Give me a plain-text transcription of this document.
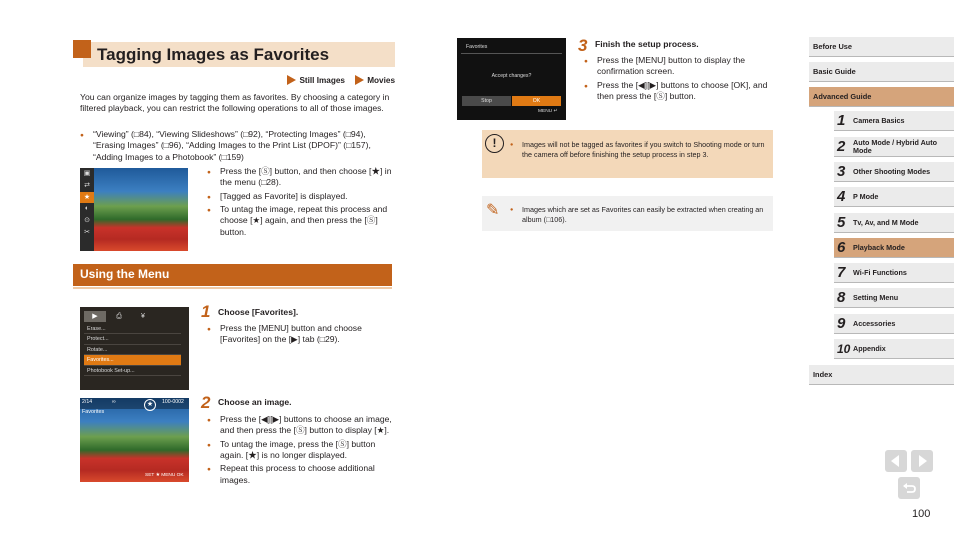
Tagging Images as Favorites
Still Images	Movies
You can organize images by tagging them as favorites. By choosing a category in filtered playback, you can restrict the following operations to all of those images.
● “Viewing” (□84), “Viewing Slideshows” (□92), “Protecting Images” (□94), “Erasing Images” (□96), “Adding Images to the Print List (DPOF)” (□157), “Adding Images to a Photobook” (□159)
▣
⇄
★
◐
⊙
✂
● Press the [Ⓢ] button, and then choose [★] in the menu (□28).
● [Tagged as Favorite] is displayed.
● To untag the image, repeat this process and choose [★] again, and then press the [Ⓢ] button.
Using the Menu
▶	⎙	¥
Erase...
Protect...
Rotate...
Favorites...
Photobook Set-up...
1 Choose [Favorites].
● Press the [MENU] button and choose [Favorites] on the [▶] tab (□29).
2/14	∞	100-0002
Favorites
★
SET ★ MENU OK
2 Choose an image.
● Press the [◀][▶] buttons to choose an image, and then press the [Ⓢ] button to display [★].
● To untag the image, press the [Ⓢ] button again. [★] is no longer displayed.
● Repeat this process to choose additional images.
Favorites
Accept changes?
Stop	OK
MENU ↵
3 Finish the setup process.
● Press the [MENU] button to display the confirmation screen.
● Press the [◀][▶] buttons to choose [OK], and then press the [Ⓢ] button.
!	● Images will not be tagged as favorites if you switch to Shooting mode or turn the camera off before finishing the setup process in step 3.
✎	● Images which are set as Favorites can easily be extracted when creating an album (□106).
Before Use
Basic Guide
Advanced Guide
1 Camera Basics
2 Auto Mode / Hybrid Auto Mode
3 Other Shooting Modes
4 P Mode
5 Tv, Av, and M Mode
6 Playback Mode
7 Wi-Fi Functions
8 Setting Menu
9 Accessories
10 Appendix
Index
100
